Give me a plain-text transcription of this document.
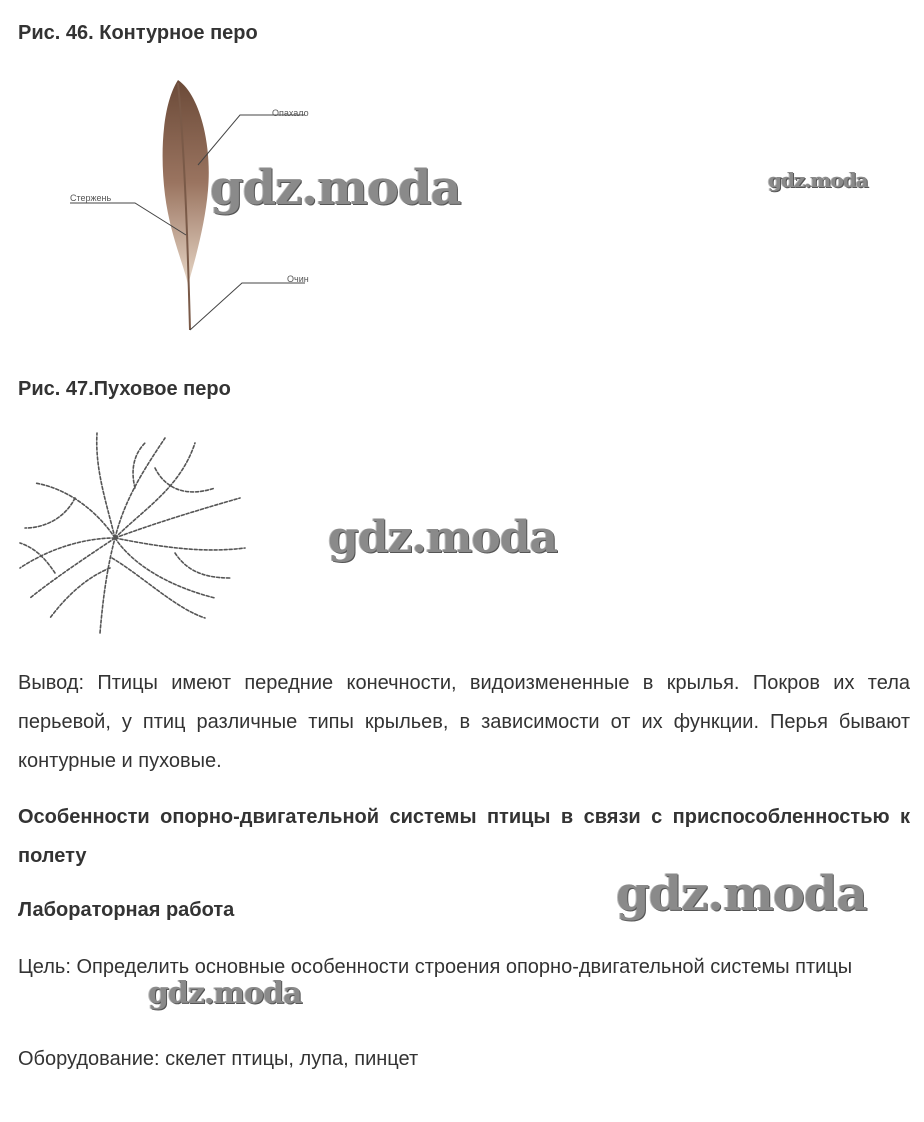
Рис. 46. Контурное перо
Опахало
Стержень
Очин
gdz.moda	gdz.moda
Рис. 47.Пуховое перо
gdz.moda
Вывод: Птицы имеют передние конечности, видоизмененные в крылья. Покров их тела перьевой, у птиц различные типы крыльев, в зависимости от их функции. Перья бывают контурные и пуховые.
Особенности опорно-двигательной системы птицы в связи с приспособленностью к полету
Лабораторная работа	gdz.moda
Цель: Определить основные особенности строения опорно-двигательной системы птицы
gdz.moda
Оборудование: скелет птицы, лупа, пинцет
